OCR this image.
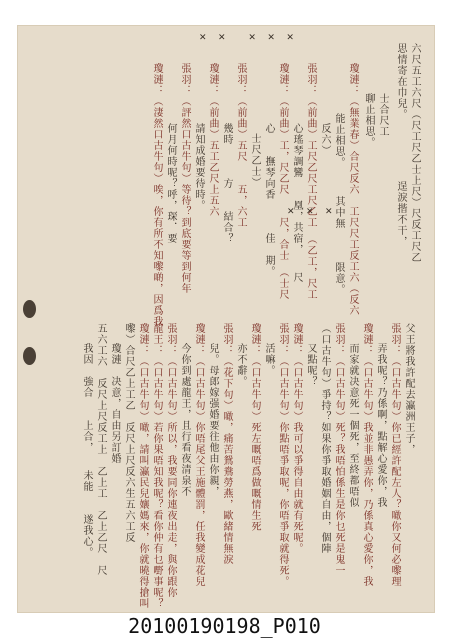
✕    ✕        ✕    ✕    ✕
✕    ✕    ✕	六尺五工六尺（尺工尺乙士上尺）尺反工尺乙
思情寄在巾兒。　　　　　　逞淚揩不干，
士合尺工
聊止相思。
瓊漣：（無業春）合尺反六　工尺尺工反工六（反六
能止相思。　　　其中無　　　限意。
反六）
張羽：（前曲）工尺乙尺工尺乙工　（乙工，尺工
心瑤琴調鸞　　凰，共宿，　　尺
瓊漣：（前曲）工，尺乙尺　　尺，合士　（士尺
心　　撫琴向香　　　佳　期。
士尺乙士）
張羽：（前曲）五尺　　五，六工
幾時　　　方　　結合？
瓊漣：（前曲）五工乙尺上五六
請知成婚要待時。
張羽：（評然口古牛句）等待？到底要等到何年
何月何時呢？呼，琛．要
瓊漣：（淒然口古牛句）唉，你有所不知嚟啲，因爲我
父王將我許配去瀛洲王子，
張羽：（口古牛句）你已經許配左人？噉你又何必嚟理
弄我呢？乃係啊，點解心愛你，我
瓊漣：（口古牛句）我並非愚弄你，乃係真心愛你，我
而家就决意死一個死，至終都唔似
張羽：（口古牛句）死？我唔怕係生是你乜死是鬼一
（口古牛句）爭持？如果你爭取婚姻自由，個陣
又點呢？
瓊漣：（口古牛句）我可以爭得自由就有死呢。
張羽：（口古牛句）你點唔爭取呢，你唔爭取就得死。
活嘛。
瓊漣：（口古牛句）死左嘅唔爲做嘅情生死
亦不辭。
張羽：（花下句）噉，痛苦鴛鴦勞燕，歐緒情無淚
兒。母郎嫁强婚要往他由你親，
瓊漣：（口古牛句）你唔尾父王施體罰，任我變成花兒
今你到處龍王，且行看夜清泉不
張羽：（口古牛句）所以，我要同你連夜出走，與你跟你
龍王：（口古牛句）若你果唔知我呢？看你仲有乜嘢事呢？
瓊漣：（口古牛句）噉，請叫瀛民兒孃媽來，你就曉得搶叫
嚟）合尺乙上工乙　反尺上尺反六生五六工反
瓊漣　决意，自由另訂婚
五六工六　反尺上尺反工上　乙上工　乙上乙尺　尺
我因　強合　　上合，　　未能　　遂我心。
20100190198_P010
